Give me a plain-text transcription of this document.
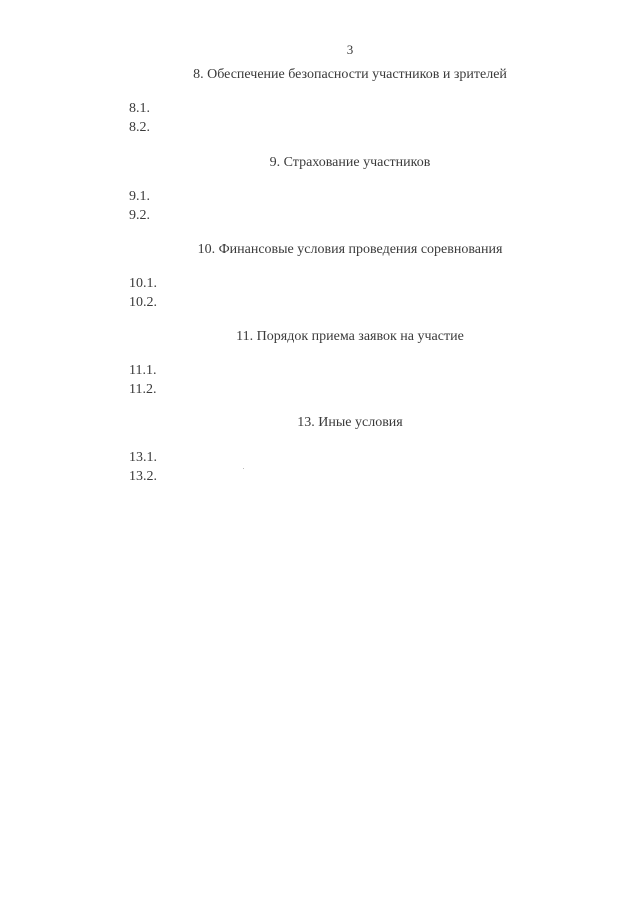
3
8. Обеспечение безопасности участников и зрителей
8.1.
8.2.
9. Страхование участников
9.1.
9.2.
10. Финансовые условия проведения соревнования
10.1.
10.2.
11. Порядок приема заявок на участие
11.1.
11.2.
13. Иные условия
13.1.
13.2.
